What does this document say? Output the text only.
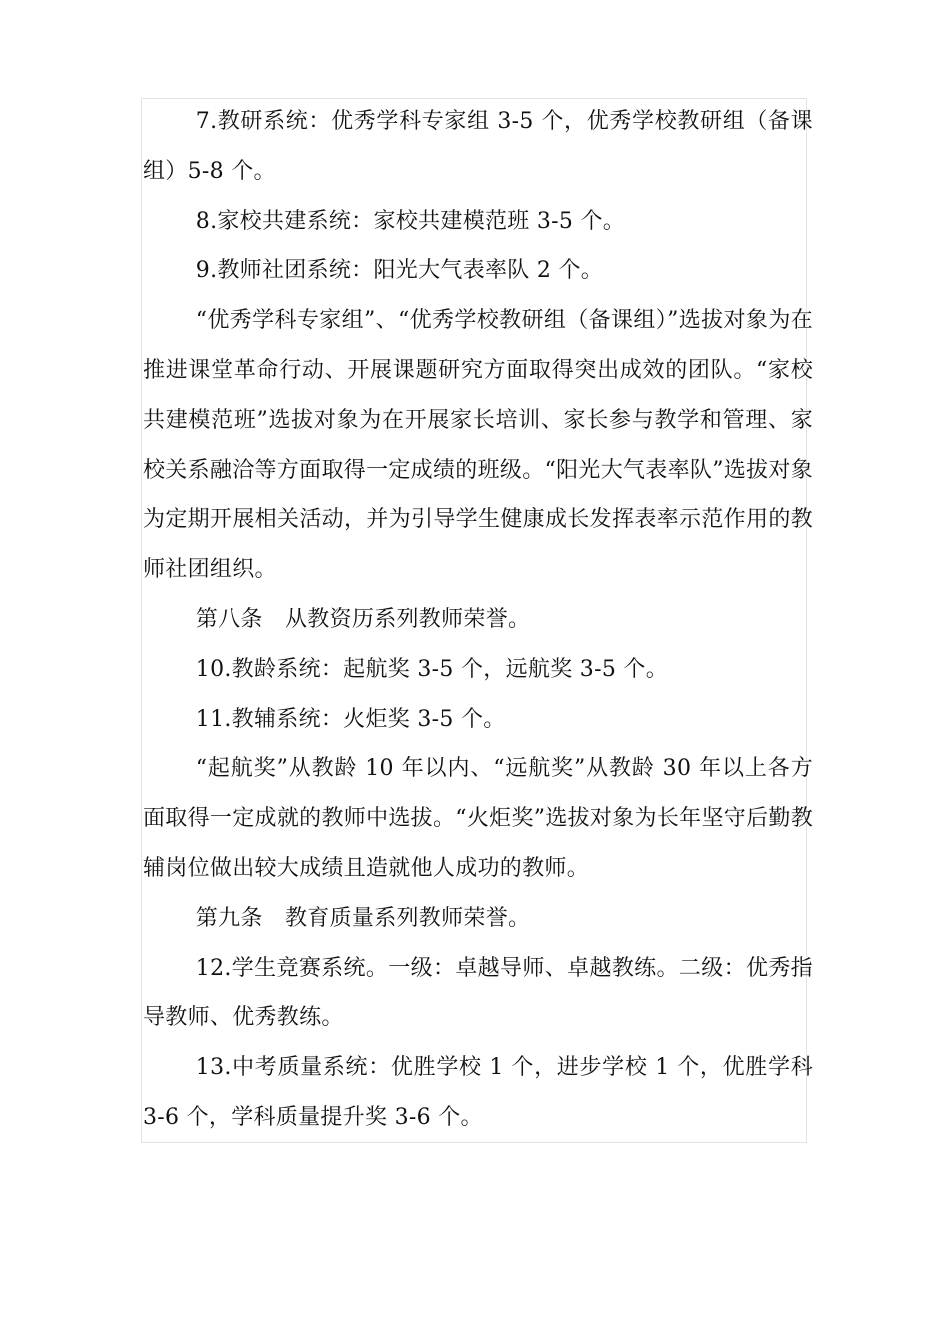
7.教研系统：优秀学科专家组 3-5 个，优秀学校教研组（备课组）5-8 个。

8.家校共建系统：家校共建模范班 3-5 个。

9.教师社团系统：阳光大气表率队 2 个。

“优秀学科专家组”、“优秀学校教研组（备课组）”选拔对象为在推进课堂革命行动、开展课题研究方面取得突出成效的团队。“家校共建模范班”选拔对象为在开展家长培训、家长参与教学和管理、家校关系融洽等方面取得一定成绩的班级。“阳光大气表率队”选拔对象为定期开展相关活动，并为引导学生健康成长发挥表率示范作用的教师社团组织。

第八条　从教资历系列教师荣誉。

10.教龄系统：起航奖 3-5 个，远航奖 3-5 个。

11.教辅系统：火炬奖 3-5 个。

“起航奖”从教龄 10 年以内、“远航奖”从教龄 30 年以上各方面取得一定成就的教师中选拔。“火炬奖”选拔对象为长年坚守后勤教辅岗位做出较大成绩且造就他人成功的教师。

第九条　教育质量系列教师荣誉。

12.学生竞赛系统。一级：卓越导师、卓越教练。二级：优秀指导教师、优秀教练。

13.中考质量系统：优胜学校 1 个，进步学校 1 个，优胜学科 3-6 个，学科质量提升奖 3-6 个。
